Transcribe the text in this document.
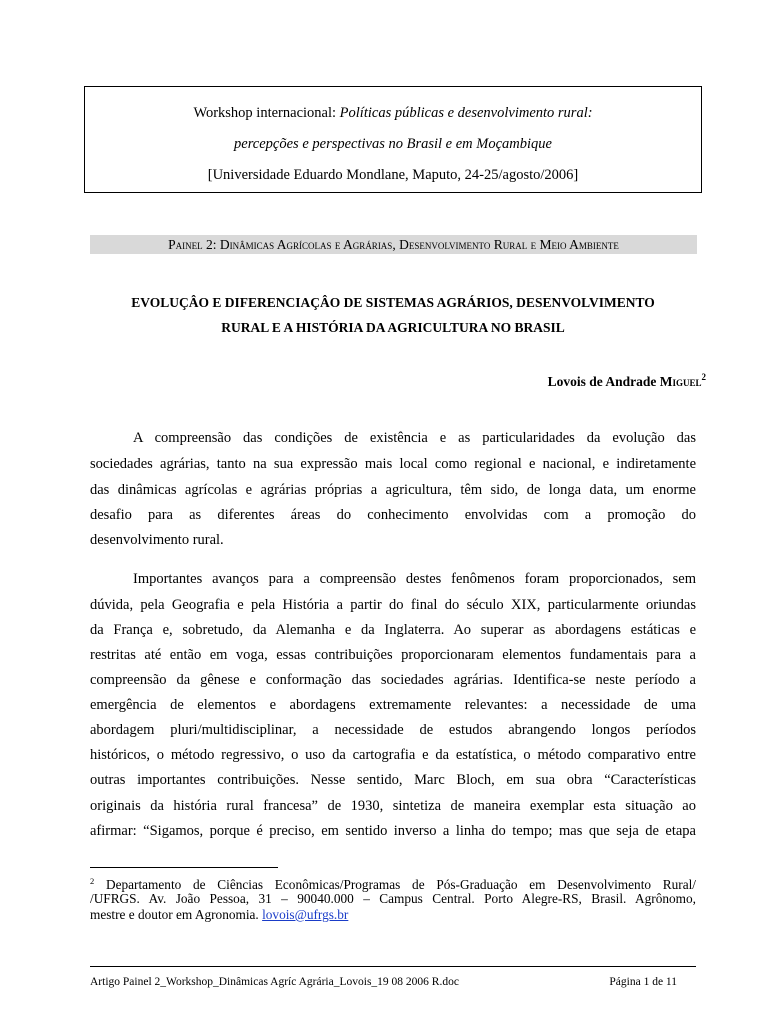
Workshop internacional: Políticas públicas e desenvolvimento rural:
percepções e perspectivas no Brasil e em Moçambique
[Universidade Eduardo Mondlane, Maputo, 24-25/agosto/2006]
Painel 2: Dinâmicas Agrícolas e Agrárias, Desenvolvimento Rural e Meio Ambiente
EVOLUÇÂO E DIFERENCIAÇÂO DE SISTEMAS AGRÁRIOS, DESENVOLVIMENTO
RURAL E A HISTÓRIA DA AGRICULTURA NO BRASIL
Lovois de Andrade Miguel$^2$
A compreensão das condições de existência e as particularidades da evolução das
sociedades agrárias, tanto na sua expressão mais local como regional e nacional, e indiretamente
das dinâmicas agrícolas e agrárias próprias a agricultura, têm sido, de longa data, um enorme
desafio para as diferentes áreas do conhecimento envolvidas com a promoção do
desenvolvimento rural.
Importantes avanços para a compreensão destes fenômenos foram proporcionados, sem
dúvida, pela Geografia e pela História a partir do final do século XIX, particularmente oriundas
da França e, sobretudo, da Alemanha e da Inglaterra. Ao superar as abordagens estáticas e
restritas até então em voga, essas contribuições proporcionaram elementos fundamentais para a
compreensão da gênese e conformação das sociedades agrárias. Identifica-se neste período a
emergência de elementos e abordagens extremamente relevantes: a necessidade de uma
abordagem pluri/multidisciplinar, a necessidade de estudos abrangendo longos períodos
históricos, o método regressivo, o uso da cartografia e da estatística, o método comparativo entre
outras importantes contribuições. Nesse sentido, Marc Bloch, em sua obra “Características
originais da história rural francesa” de 1930, sintetiza de maneira exemplar esta situação ao
afirmar: “Sigamos, porque é preciso, em sentido inverso a linha do tempo; mas que seja de etapa
$^2$ Departamento de Ciências Econômicas/Programas de Pós-Graduação em Desenvolvimento Rural/
/UFRGS. Av. João Pessoa, 31 – 90040.000 – Campus Central. Porto Alegre-RS, Brasil. Agrônomo,
mestre e doutor em Agronomia. lovois@ufrgs.br
Artigo Painel 2_Workshop_Dinâmicas Agríc Agrária_Lovois_19 08 2006 R.doc	Página 1 de 11
